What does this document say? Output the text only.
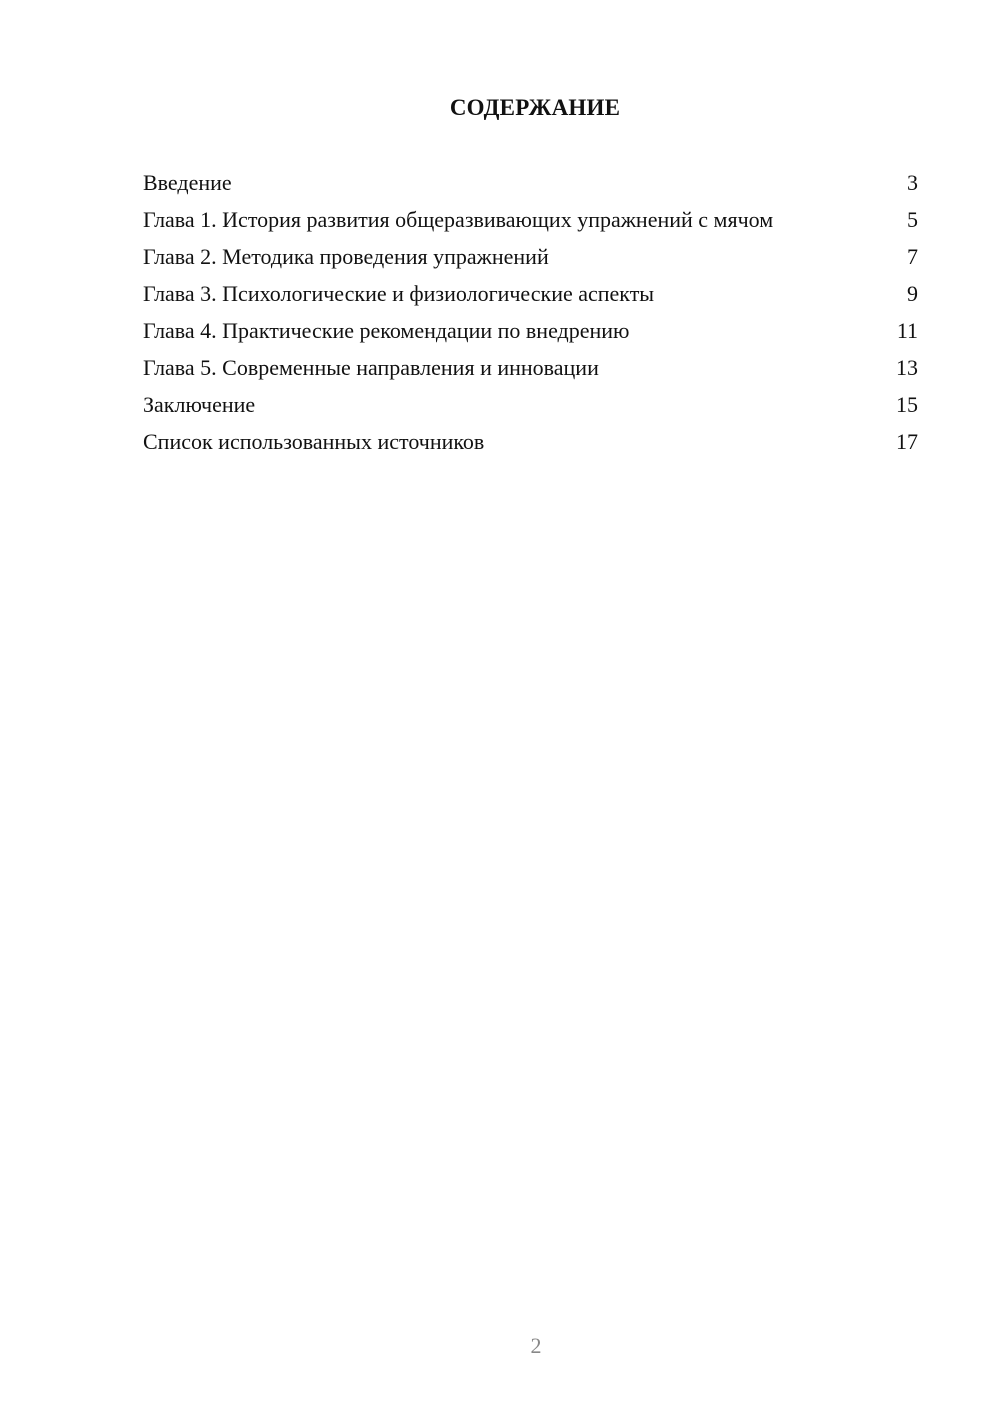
СОДЕРЖАНИЕ
Введение	3
Глава 1. История развития общеразвивающих упражнений с мячом	5
Глава 2. Методика проведения упражнений	7
Глава 3. Психологические и физиологические аспекты	9
Глава 4. Практические рекомендации по внедрению	11
Глава 5. Современные направления и инновации	13
Заключение	15
Список использованных источников	17
2
